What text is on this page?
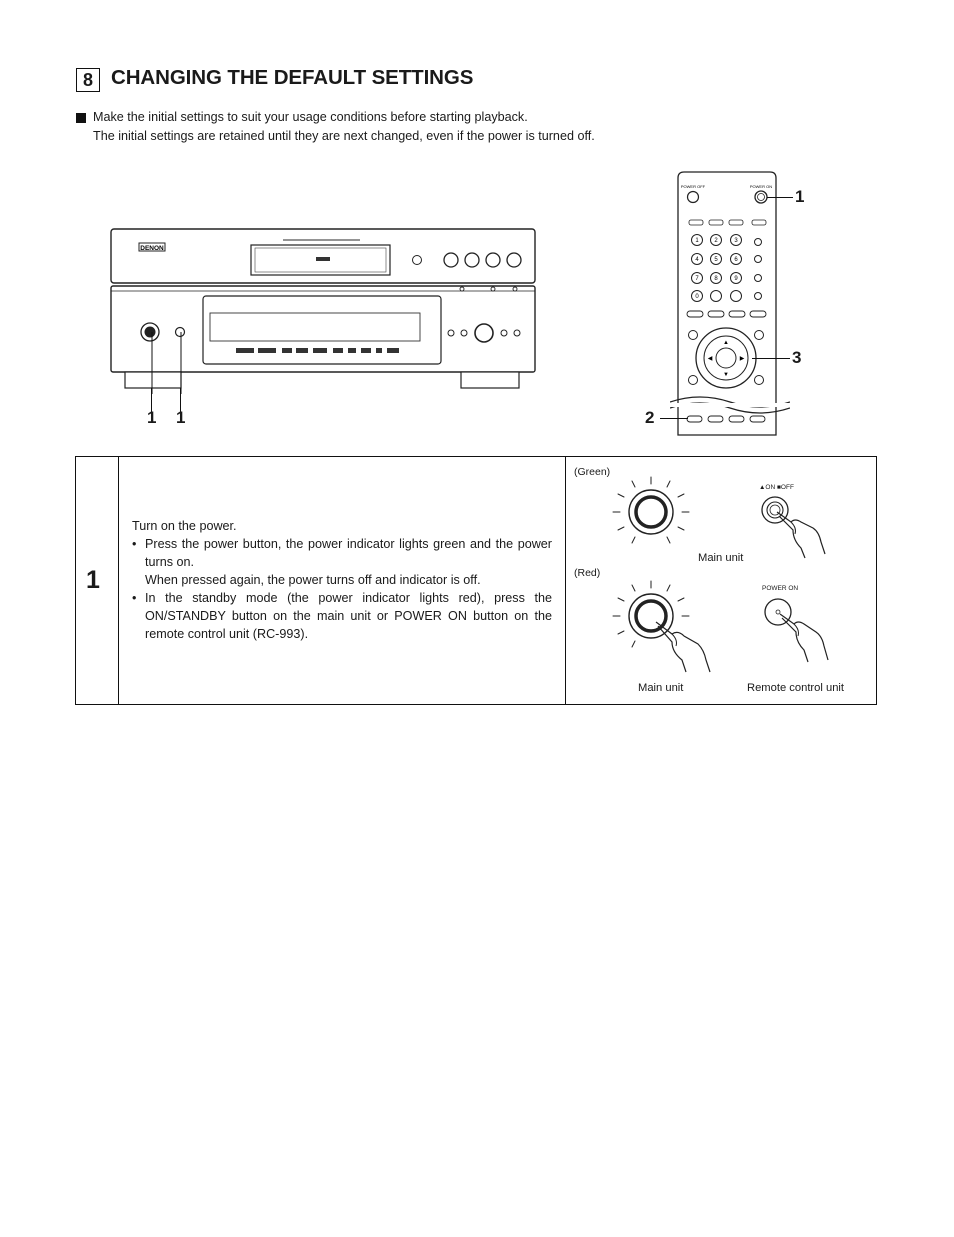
8 CHANGING THE DEFAULT SETTINGS
Make the initial settings to suit your usage conditions before starting playback.
The initial settings are retained until they are next changed, even if the power is turned off.
DENON
1 1
POWER OFF	POWER ON
1	2	3
4	5	6
7	8	9
0
▲
▼
◀	▶
1
3
2
1
Turn on the power.
• Press the power button, the power indicator lights green and the power turns on.
When pressed again, the power turns off and indicator is off.
• In the standby mode (the power indicator lights red), press the ON/STANDBY button on the main unit or POWER ON button on the remote control unit (RC-993).
(Green)
(Red)
▲ON ■OFF
Main unit
Main unit
POWER ON
Remote control unit
